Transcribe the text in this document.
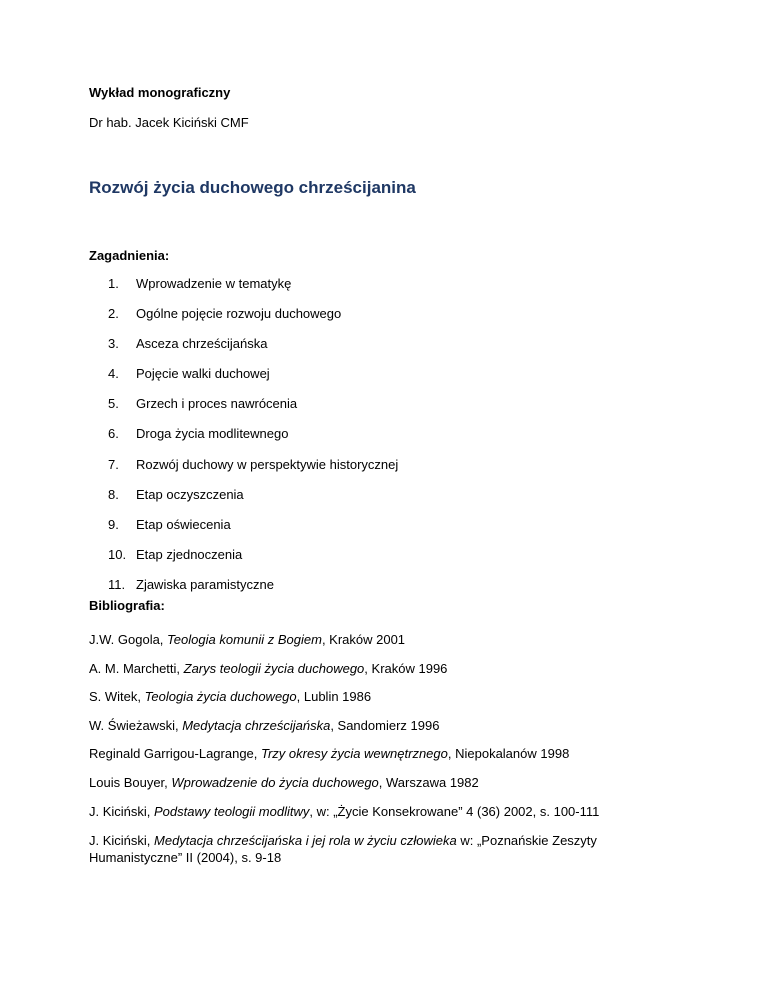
Wykład monograficzny
Dr hab. Jacek Kiciński CMF
Rozwój życia duchowego chrześcijanina
Zagadnienia:
1. Wprowadzenie w tematykę
2. Ogólne pojęcie rozwoju duchowego
3. Asceza chrześcijańska
4. Pojęcie walki duchowej
5. Grzech i proces nawrócenia
6. Droga życia modlitewnego
7. Rozwój duchowy w perspektywie historycznej
8. Etap oczyszczenia
9. Etap oświecenia
10. Etap zjednoczenia
11. Zjawiska paramistyczne
Bibliografia:
J.W. Gogola, Teologia komunii z Bogiem, Kraków 2001
A. M. Marchetti, Zarys teologii życia duchowego, Kraków 1996
S. Witek, Teologia życia duchowego, Lublin 1986
W. Świeżawski, Medytacja chrześcijańska, Sandomierz 1996
Reginald Garrigou-Lagrange, Trzy okresy życia wewnętrznego, Niepokalanów 1998
Louis Bouyer, Wprowadzenie do życia duchowego, Warszawa 1982
J. Kiciński, Podstawy teologii modlitwy, w: „Życie Konsekrowane” 4 (36) 2002, s. 100-111
J. Kiciński, Medytacja chrześcijańska i jej rola w życiu człowieka w: „Poznańskie Zeszyty Humanistyczne” II (2004), s. 9-18
